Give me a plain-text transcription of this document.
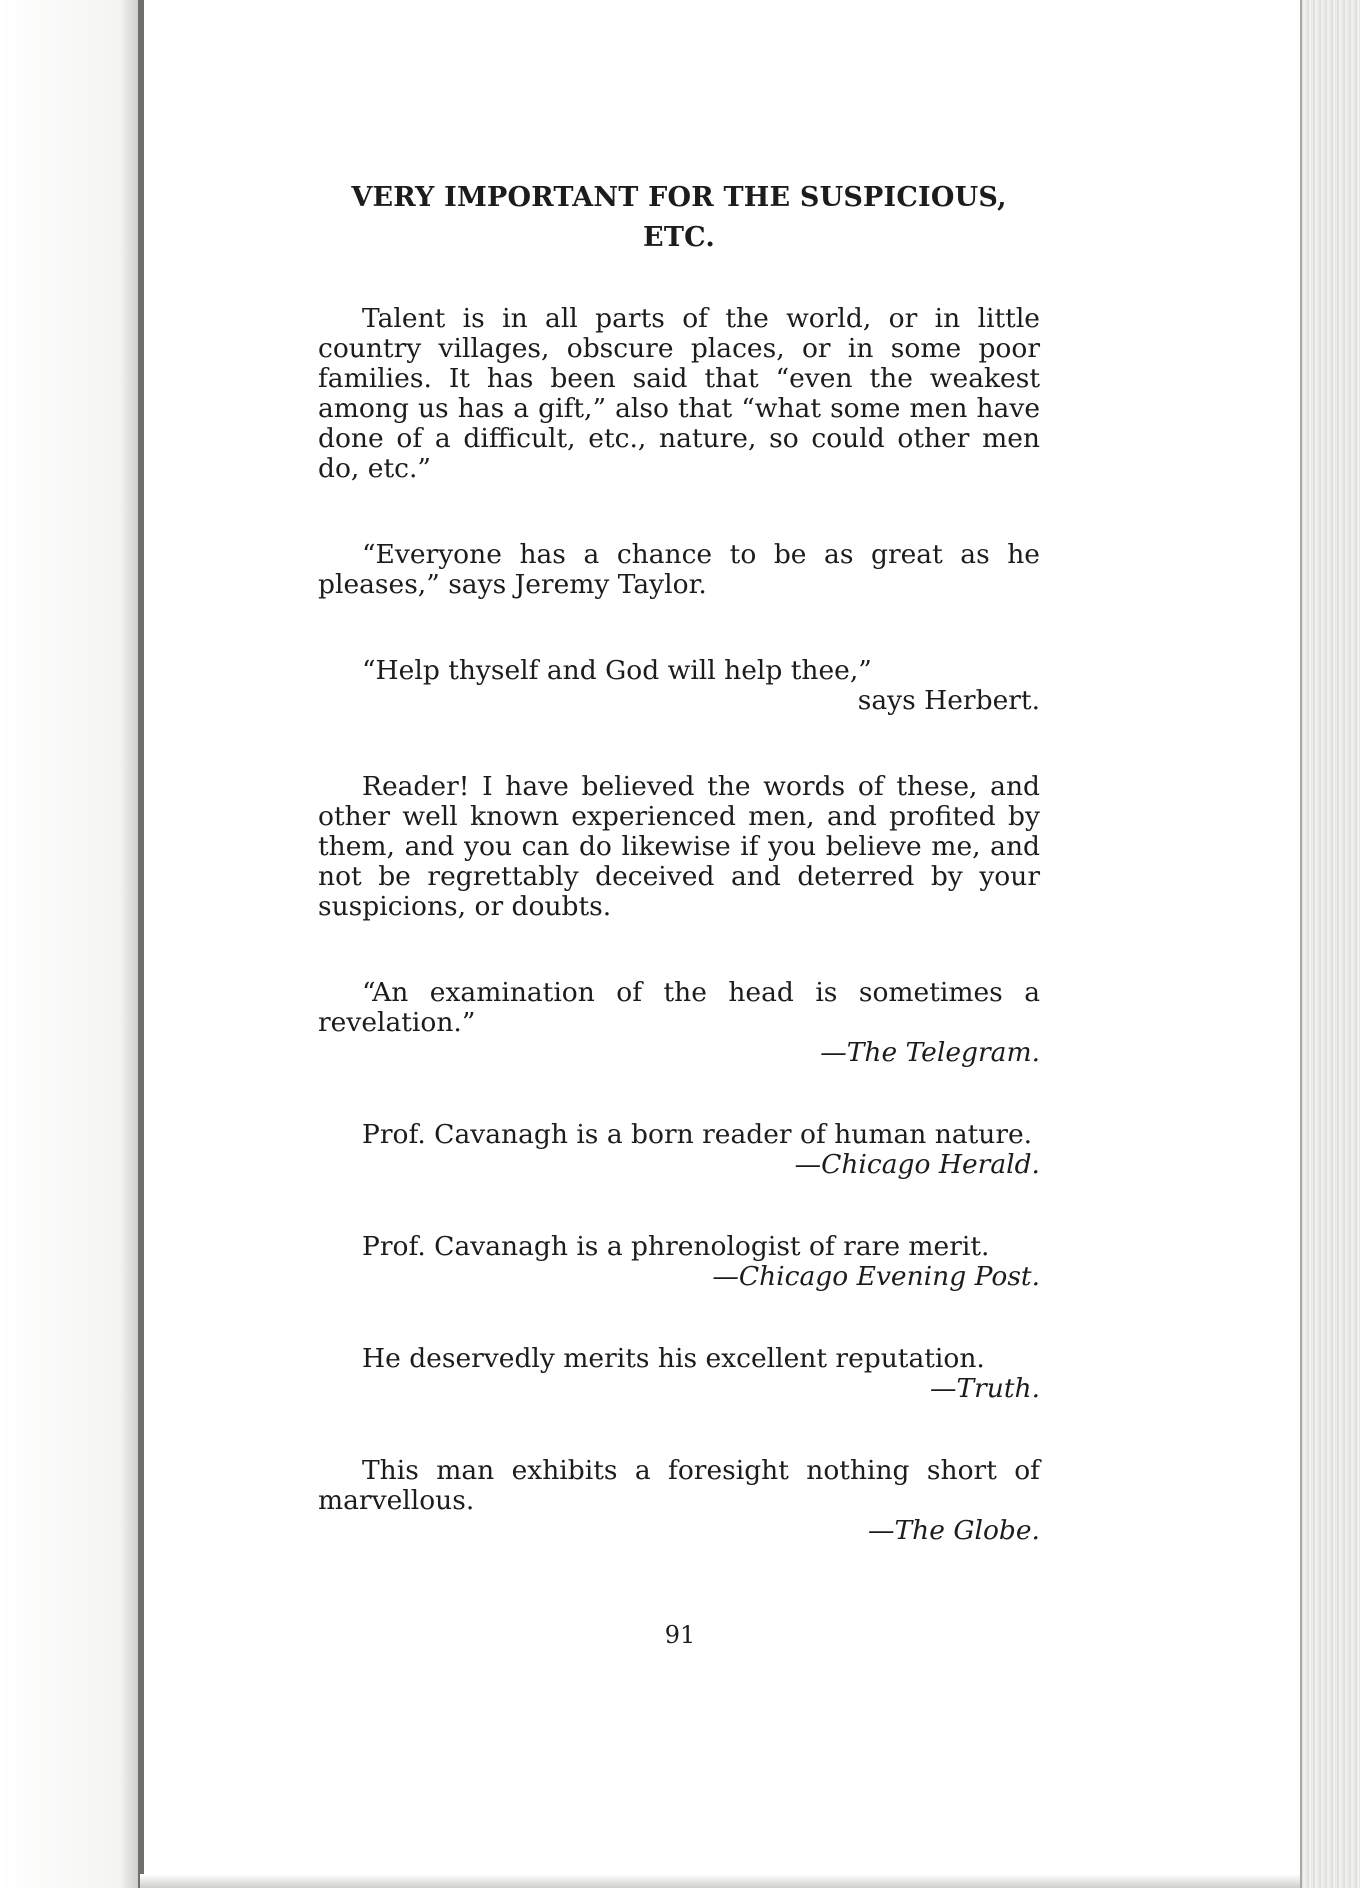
VERY IMPORTANT FOR THE SUSPICIOUS,
ETC.

Talent is in all parts of the world, or in little country villages, obscure places, or in some poor families. It has been said that “even the weakest among us has a gift,” also that “what some men have done of a difficult, etc., nature, so could other men do, etc.”

“Everyone has a chance to be as great as he pleases,” says Jeremy Taylor.

“Help thyself and God will help thee,”

says Herbert.

Reader! I have believed the words of these, and other well known experienced men, and profited by them, and you can do likewise if you believe me, and not be regrettably deceived and deterred by your suspicions, or doubts.

“An examination of the head is sometimes a revelation.”

—The Telegram.

Prof. Cavanagh is a born reader of human nature.

—Chicago Herald.

Prof. Cavanagh is a phrenologist of rare merit.

—Chicago Evening Post.

He deservedly merits his excellent reputation.

—Truth.

This man exhibits a foresight nothing short of marvellous.

—The Globe.

91
